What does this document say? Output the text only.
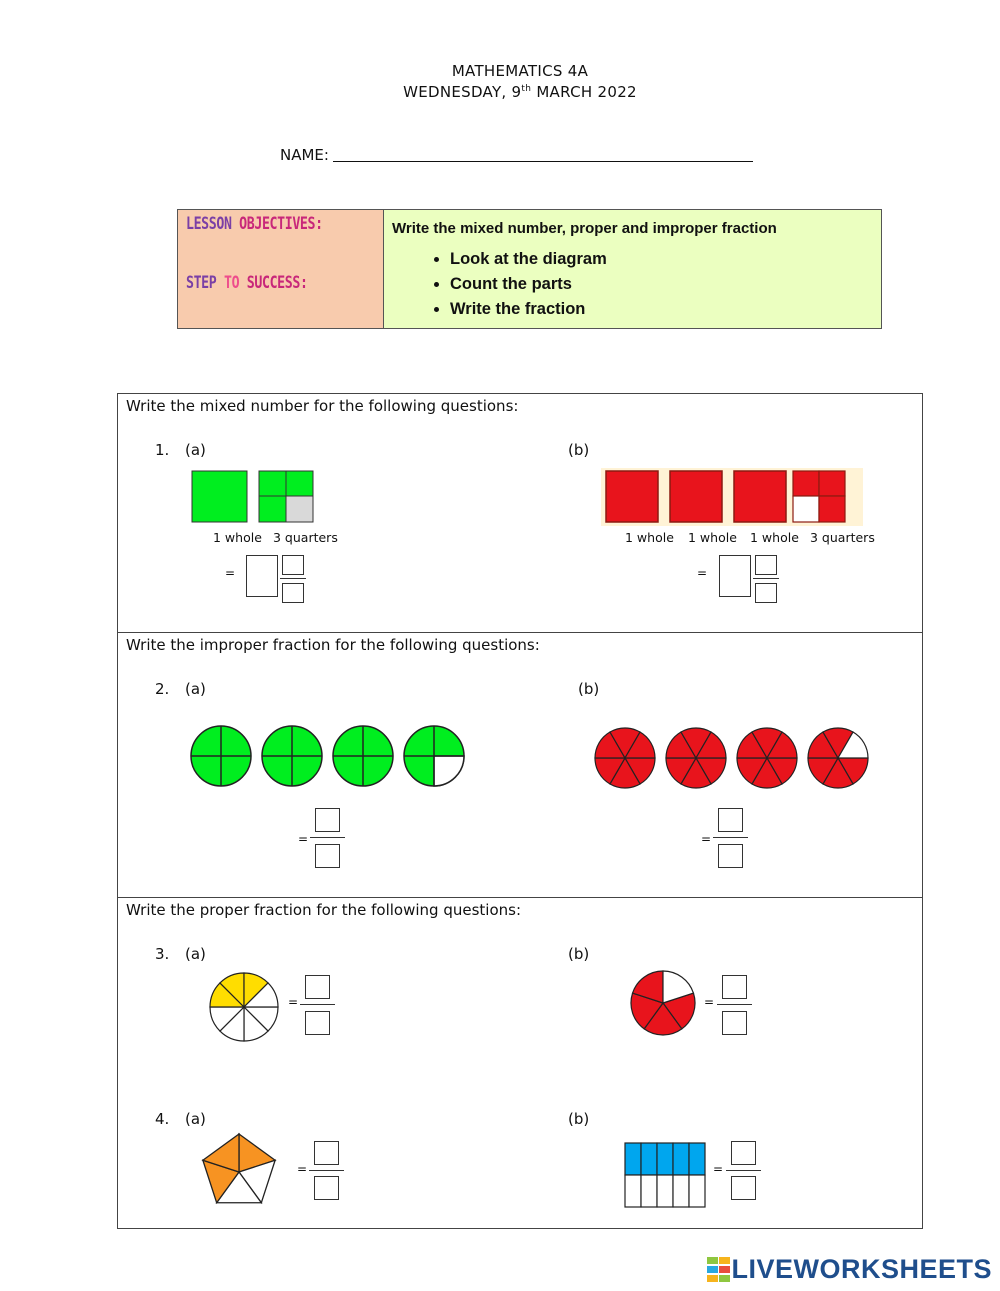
MATHEMATICS 4A
WEDNESDAY, 9th MARCH 2022
NAME:
LESSON OBJECTIVES:
STEP TO SUCCESS:
Write the mixed number, proper and improper fraction
• Look at the diagram
• Count the parts
• Write the fraction
Write the mixed number for the following questions:
1. (a)	(b)
1 whole 3 quarters
=
1 whole 1 whole 1 whole 3 quarters
=
Write the improper fraction for the following questions:
2. (a)	(b)
=	=
Write the proper fraction for the following questions:
3. (a)	(b)
=	=
4. (a)	(b)
=	=
LIVEWORKSHEETS
